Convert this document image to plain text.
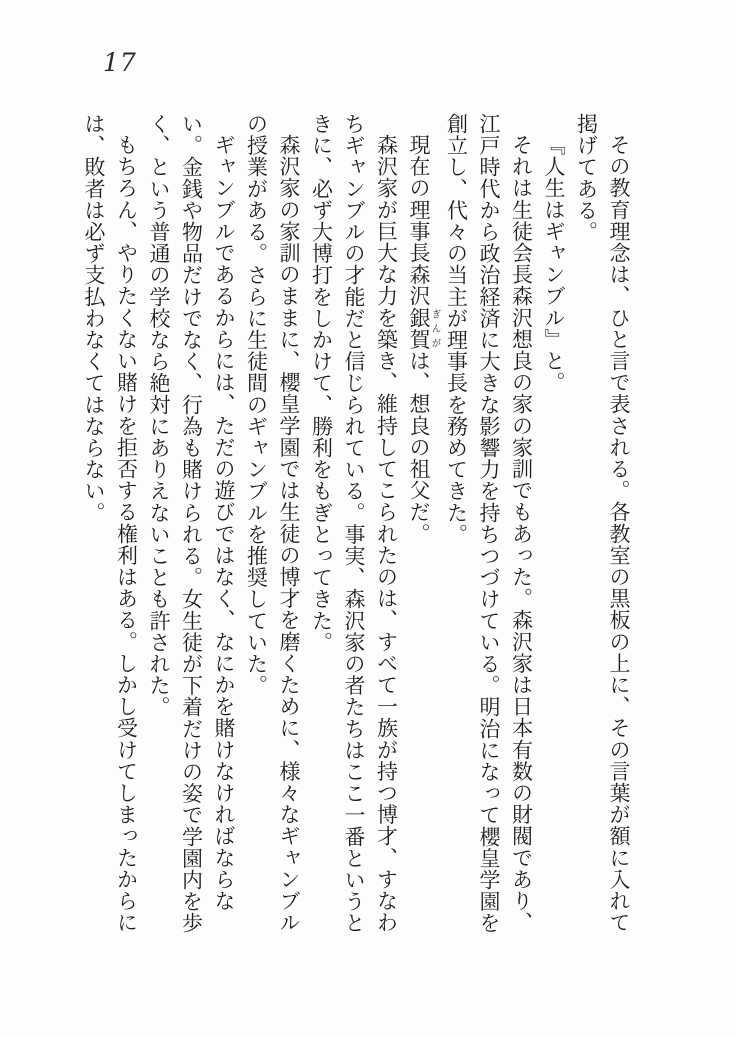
17

その教育理念は、ひと言で表される。各教室の黒板の上に、その言葉が額に入れて掲げてある。

『人生はギャンブル』と。

それは生徒会長森沢想良の家の家訓でもあった。森沢家は日本有数の財閥であり、江戸時代から政治経済に大きな影響力を持ちつづけている。明治になって櫻皇学園を創立し、代々の当主が理事長を務めてきた。

現在の理事長森沢銀賀ぎんがは、想良の祖父だ。

森沢家が巨大な力を築き、維持してこられたのは、すべて一族が持つ博才、すなわちギャンブルの才能だと信じられている。事実、森沢家の者たちはここ一番というときに、必ず大博打をしかけて、勝利をもぎとってきた。

森沢家の家訓のままに、櫻皇学園では生徒の博才を磨くために、様々なギャンブルの授業がある。さらに生徒間のギャンブルを推奨していた。

ギャンブルであるからには、ただの遊びではなく、なにかを賭けなければならない。金銭や物品だけでなく、行為も賭けられる。女生徒が下着だけの姿で学園内を歩く、という普通の学校なら絶対にありえないことも許された。

もちろん、やりたくない賭けを拒否する権利はある。しかし受けてしまったからには、敗者は必ず支払わなくてはならない。
